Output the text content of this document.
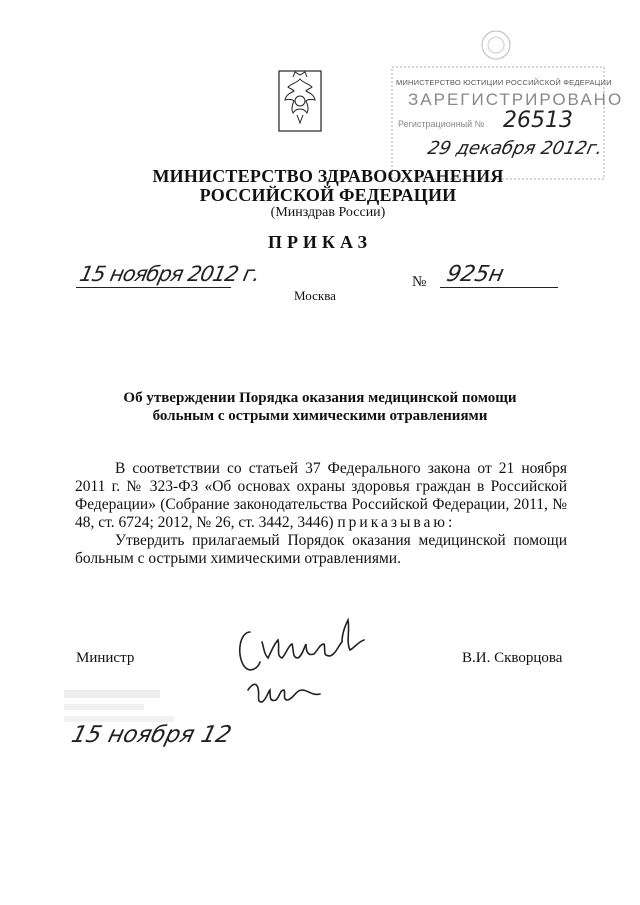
МИНИСТЕРСТВО ЮСТИЦИИ РОССИЙСКОЙ ФЕДЕРАЦИИ
ЗАРЕГИСТРИРОВАНО
Регистрационный № 26513
29 декабря 2012г.
МИНИСТЕРСТВО ЗДРАВООХРАНЕНИЯ
РОССИЙСКОЙ ФЕДЕРАЦИИ
(Минздрав России)
ПРИКАЗ
15 ноября 2012 г.	№ 925н
Москва
Об утверждении Порядка оказания медицинской помощи
больным с острыми химическими отравлениями

В соответствии со статьей 37 Федерального закона от 21 ноября 2011 г. № 323-ФЗ «Об основах охраны здоровья граждан в Российской Федерации» (Собрание законодательства Российской Федерации, 2011, № 48, ст. 6724; 2012, № 26, ст. 3442, 3446) приказываю:

Утвердить прилагаемый Порядок оказания медицинской помощи больным с острыми химическими отравлениями.

Министр	В.И. Скворцова
15 ноября 12
